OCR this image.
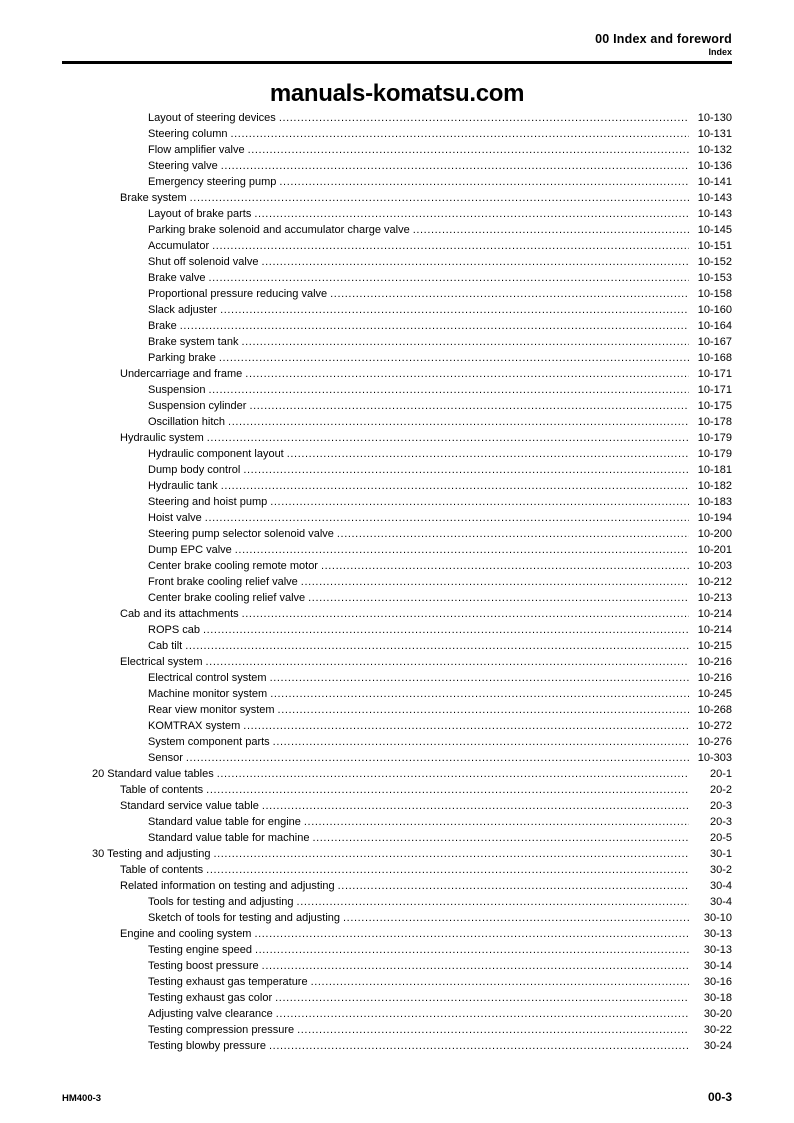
00 Index and foreword
Index
manuals-komatsu.com
Layout of steering devices .....	10-130
Steering column .....	10-131
Flow amplifier valve .....	10-132
Steering valve .....	10-136
Emergency steering pump .....	10-141
Brake system .....	10-143
Layout of brake parts .....	10-143
Parking brake solenoid and accumulator charge valve .....	10-145
Accumulator .....	10-151
Shut off solenoid valve .....	10-152
Brake valve .....	10-153
Proportional pressure reducing valve .....	10-158
Slack adjuster .....	10-160
Brake .....	10-164
Brake system tank .....	10-167
Parking brake .....	10-168
Undercarriage and frame .....	10-171
Suspension .....	10-171
Suspension cylinder .....	10-175
Oscillation hitch .....	10-178
Hydraulic system .....	10-179
Hydraulic component layout .....	10-179
Dump body control .....	10-181
Hydraulic tank .....	10-182
Steering and hoist pump .....	10-183
Hoist valve .....	10-194
Steering pump selector solenoid valve .....	10-200
Dump EPC valve .....	10-201
Center brake cooling remote motor .....	10-203
Front brake cooling relief valve .....	10-212
Center brake cooling relief valve .....	10-213
Cab and its attachments .....	10-214
ROPS cab .....	10-214
Cab tilt .....	10-215
Electrical system .....	10-216
Electrical control system .....	10-216
Machine monitor system .....	10-245
Rear view monitor system .....	10-268
KOMTRAX system .....	10-272
System component parts .....	10-276
Sensor .....	10-303
20 Standard value tables .....	20-1
Table of contents .....	20-2
Standard service value table .....	20-3
Standard value table for engine .....	20-3
Standard value table for machine .....	20-5
30 Testing and adjusting .....	30-1
Table of contents .....	30-2
Related information on testing and adjusting .....	30-4
Tools for testing and adjusting .....	30-4
Sketch of tools for testing and adjusting .....	30-10
Engine and cooling system .....	30-13
Testing engine speed .....	30-13
Testing boost pressure .....	30-14
Testing exhaust gas temperature .....	30-16
Testing exhaust gas color .....	30-18
Adjusting valve clearance .....	30-20
Testing compression pressure .....	30-22
Testing blowby pressure .....	30-24
HM400-3	00-3
